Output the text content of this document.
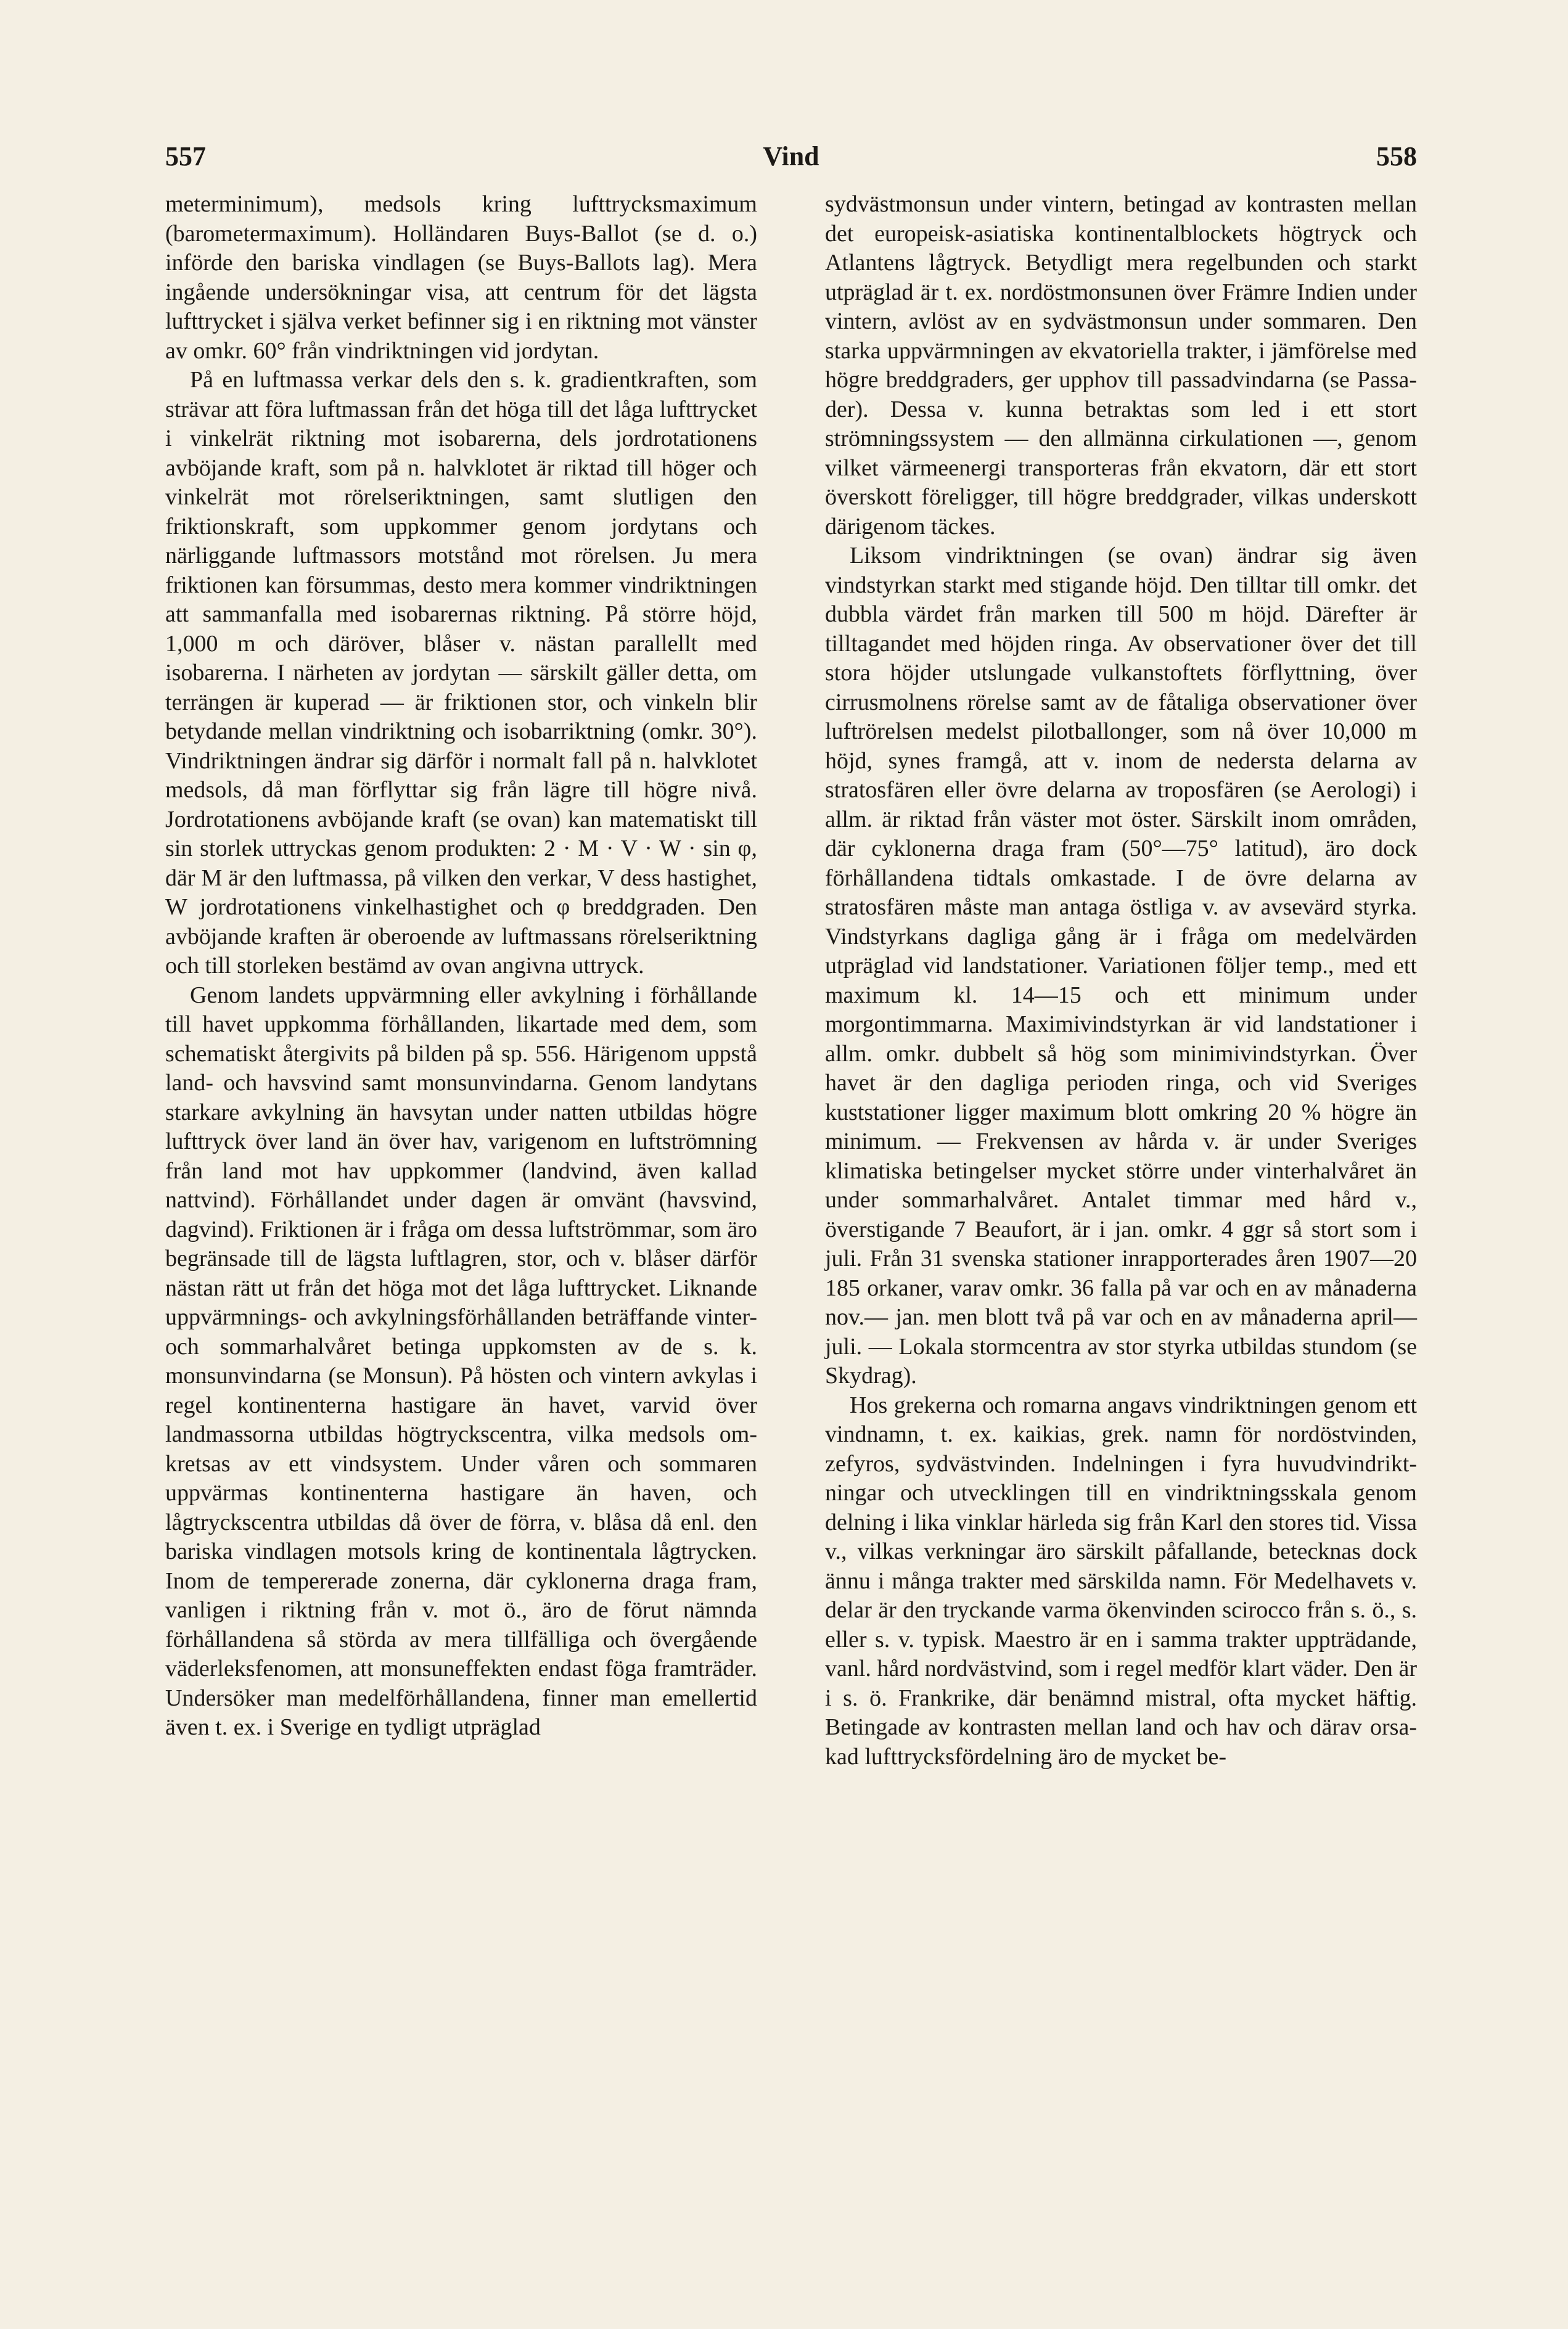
557	Vind	558

meterminimum), medsols kring lufttrycksmaximum (barometermaximum). Holländaren Buys-Ballot (se d. o.) införde den bariska vindlagen (se Buys-Ballots lag). Mera ingående undersökningar visa, att centrum för det lägsta lufttrycket i själva verket befinner sig i en riktning mot vänster av omkr. 60° från vindriktningen vid jordytan.

På en luftmassa verkar dels den s. k. gradientkraften, som strävar att föra luftmassan från det höga till det låga lufttrycket i vinkelrät riktning mot isobarerna, dels jordrotationens avböjande kraft, som på n. halvklotet är riktad till höger och vinkelrät mot rörelseriktningen, samt slutligen den friktionskraft, som uppkommer genom jordytans och närliggande luftmassors motstånd mot rörelsen. Ju mera friktionen kan försummas, desto mera kommer vindriktningen att sammanfalla med isobarernas riktning. På större höjd, 1,000 m och däröver, blåser v. nästan parallellt med isobarerna. I närheten av jordytan — särskilt gäller detta, om terrängen är kuperad — är friktionen stor, och vinkeln blir betydande mellan vindriktning och isobarriktning (omkr. 30°). Vindriktningen ändrar sig därför i normalt fall på n. halvklotet medsols, då man förflyttar sig från lägre till högre nivå. Jordrotationens avböjande kraft (se ovan) kan matematiskt till sin storlek uttryckas genom produkten: 2 · M · V · W · sin φ, där M är den luftmassa, på vilken den verkar, V dess hastighet, W jordrotationens vinkelhastighet och φ breddgraden. Den avböjande kraften är oberoende av luftmassans rörelseriktning och till storleken bestämd av ovan angivna uttryck.

Genom landets uppvärmning eller avkylning i förhållande till havet uppkomma förhållanden, likartade med dem, som schematiskt återgivits på bilden på sp. 556. Härigenom uppstå land- och havsvind samt monsunvindarna. Genom landytans starkare avkylning än havsytan under natten utbildas högre lufttryck över land än över hav, varigenom en luftströmning från land mot hav uppkommer (landvind, även kallad nattvind). Förhållandet under dagen är omvänt (havsvind, dagvind). Friktionen är i fråga om dessa luftströmmar, som äro begränsade till de lägsta luftlagren, stor, och v. blåser därför nästan rätt ut från det höga mot det låga lufttrycket. Liknande uppvärmnings- och avkylningsförhållanden beträffande vinter- och sommarhalvåret betinga uppkomsten av de s. k. monsunvindarna (se Monsun). På hösten och vintern avkylas i regel kontinenterna hastigare än havet, varvid över landmassorna utbildas högtryckscentra, vilka medsols omkretsas av ett vindsystem. Under våren och sommaren uppvärmas kontinenterna hastigare än haven, och lågtryckscentra utbildas då över de förra, v. blåsa då enl. den bariska vindlagen motsols kring de kontinentala lågtrycken. Inom de tempererade zonerna, där cyklonerna draga fram, vanligen i riktning från v. mot ö., äro de förut nämnda förhållandena så störda av mera tillfälliga och övergående väderleksfenomen, att monsuneffekten endast föga framträder. Undersöker man medelförhållandena, finner man emellertid även t. ex. i Sverige en tydligt utpräglad

sydvästmonsun under vintern, betingad av kontrasten mellan det europeisk-asiatiska kontinentalblockets högtryck och Atlantens lågtryck. Betydligt mera regelbunden och starkt utpräglad är t. ex. nordöstmonsunen över Främre Indien under vintern, avlöst av en sydvästmonsun under sommaren. Den starka uppvärmningen av ekvatoriella trakter, i jämförelse med högre breddgraders, ger upphov till passadvindarna (se Passader). Dessa v. kunna betraktas som led i ett stort strömningssystem — den allmänna cirkulationen —, genom vilket värmeenergi transporteras från ekvatorn, där ett stort överskott föreligger, till högre breddgrader, vilkas underskott därigenom täckes.

Liksom vindriktningen (se ovan) ändrar sig även vindstyrkan starkt med stigande höjd. Den tilltar till omkr. det dubbla värdet från marken till 500 m höjd. Därefter är tilltagandet med höjden ringa. Av observationer över det till stora höjder utslungade vulkanstoftets förflyttning, över cirrusmolnens rörelse samt av de fåtaliga observationer över luftrörelsen medelst pilotballonger, som nå över 10,000 m höjd, synes framgå, att v. inom de nedersta delarna av stratosfären eller övre delarna av troposfären (se Aerologi) i allm. är riktad från väster mot öster. Särskilt inom områden, där cyklonerna draga fram (50°—75° latitud), äro dock förhållandena tidtals omkastade. I de övre delarna av stratosfären måste man antaga östliga v. av avsevärd styrka. Vindstyrkans dagliga gång är i fråga om medelvärden utpräglad vid landstationer. Variationen följer temp., med ett maximum kl. 14—15 och ett minimum under morgontimmarna. Maximivindstyrkan är vid landstationer i allm. omkr. dubbelt så hög som minimivindstyrkan. Över havet är den dagliga perioden ringa, och vid Sveriges kuststationer ligger maximum blott omkring 20 % högre än minimum. — Frekvensen av hårda v. är under Sveriges klimatiska betingelser mycket större under vinterhalvåret än under sommarhalvåret. Antalet timmar med hård v., överstigande 7 Beaufort, är i jan. omkr. 4 ggr så stort som i juli. Från 31 svenska stationer inrapporterades åren 1907—20 185 orkaner, varav omkr. 36 falla på var och en av månaderna nov.— jan. men blott två på var och en av månaderna april—juli. — Lokala stormcentra av stor styrka utbildas stundom (se Skydrag).

Hos grekerna och romarna angavs vindriktningen genom ett vindnamn, t. ex. kaikias, grek. namn för nordöstvinden, zefyros, sydvästvinden. Indelningen i fyra huvudvindriktningar och utvecklingen till en vindriktningsskala genom delning i lika vinklar härleda sig från Karl den stores tid. Vissa v., vilkas verkningar äro särskilt påfallande, betecknas dock ännu i många trakter med särskilda namn. För Medelhavets v. delar är den tryckande varma ökenvinden scirocco från s. ö., s. eller s. v. typisk. Maestro är en i samma trakter uppträdande, vanl. hård nordvästvind, som i regel medför klart väder. Den är i s. ö. Frankrike, där benämnd mistral, ofta mycket häftig. Betingade av kontrasten mellan land och hav och därav orsakad lufttrycksfördelning äro de mycket be-
